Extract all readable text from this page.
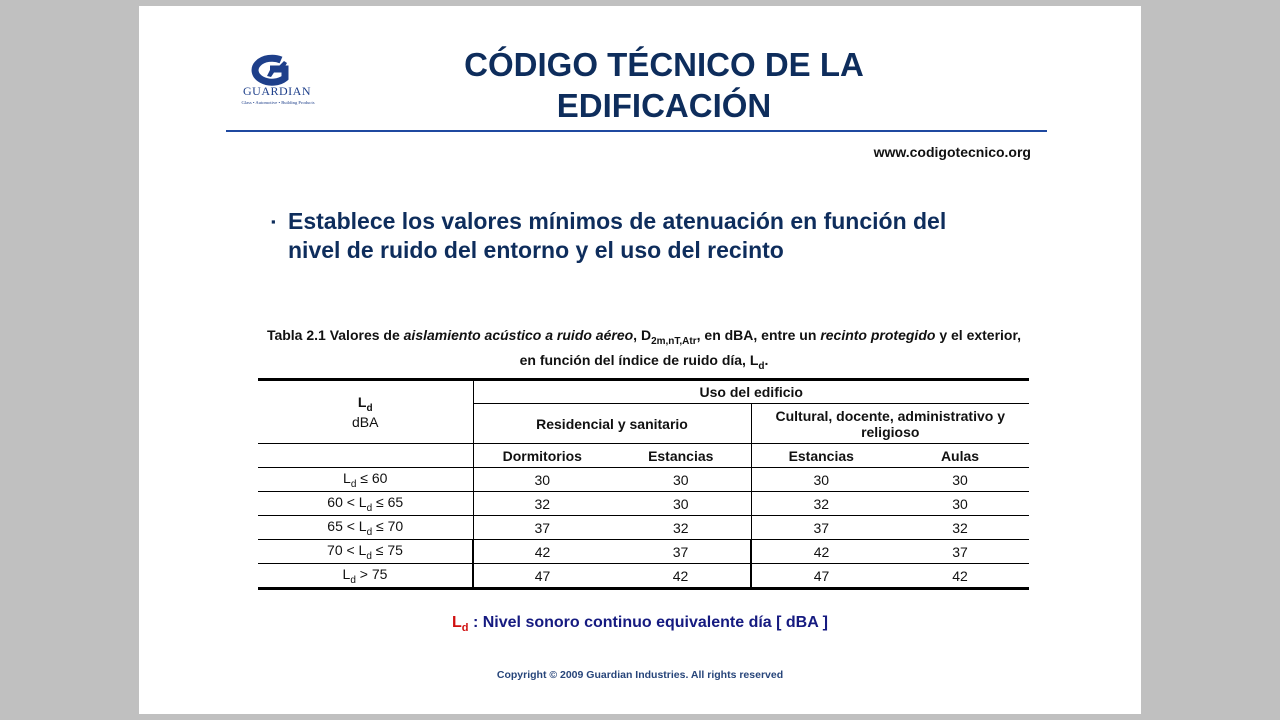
GUARDIAN
Glass • Automotive • Building Products
CÓDIGO TÉCNICO DE LA
EDIFICACIÓN
www.codigotecnico.org
▪ Establece los valores mínimos de atenuación en función del nivel de ruido del entorno y el uso del recinto
Tabla 2.1 Valores de aislamiento acústico a ruido aéreo, $D_{2m,nT,Atr}$, en dBA, entre un recinto protegido y el exterior, en función del índice de ruido día, $L_d$.
$L_d$
dBA	Uso del edificio			
	Residencial y sanitario		Cultural, docente, administrativo y religioso	
	Dormitorios	Estancias	Estancias	Aulas
$L_d \le 60$	30	30	30	30
$60 < L_d \le 65$	32	30	32	30
$65 < L_d \le 70$	37	32	37	32
$70 < L_d \le 75$	42	37	42	37
$L_d > 75$	47	42	47	42
$L_d$ : Nivel sonoro continuo equivalente día [ dBA ]
Copyright © 2009 Guardian Industries. All rights reserved
